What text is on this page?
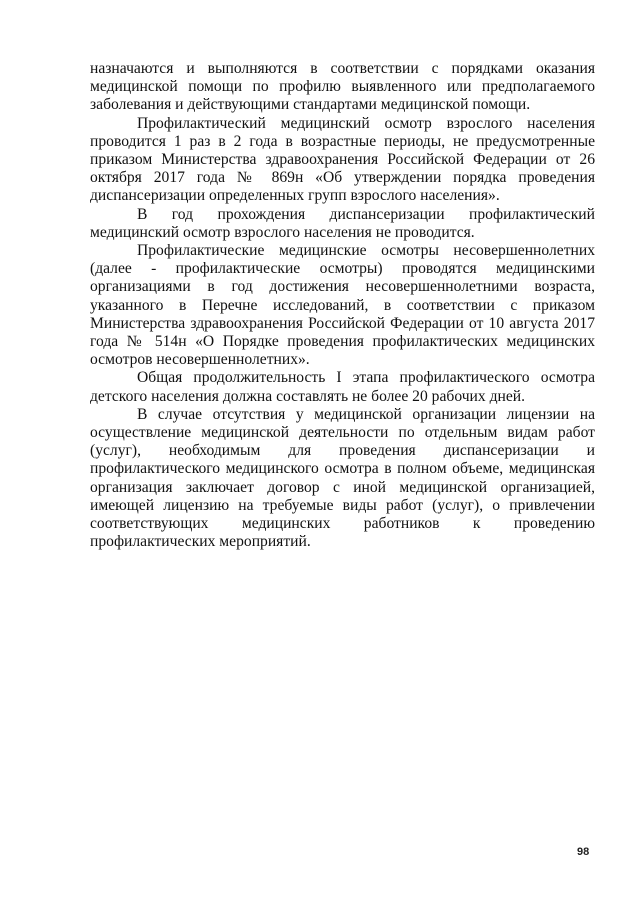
назначаются и выполняются в соответствии с порядками оказания медицинской помощи по профилю выявленного или предполагаемого заболевания и действующими стандартами медицинской помощи.

Профилактический медицинский осмотр взрослого населения проводится 1 раз в 2 года в возрастные периоды, не предусмотренные приказом Министерства здравоохранения Российской Федерации от 26 октября 2017 года № 869н «Об утверждении порядка проведения диспансеризации определенных групп взрослого населения».

В год прохождения диспансеризации профилактический медицинский осмотр взрослого населения не проводится.

Профилактические медицинские осмотры несовершеннолетних (далее - профилактические осмотры) проводятся медицинскими организациями в год достижения несовершеннолетними возраста, указанного в Перечне исследований, в соответствии с приказом Министерства здравоохранения Российской Федерации от 10 августа 2017 года № 514н «О Порядке проведения профилактических медицинских осмотров несовершеннолетних».

Общая продолжительность I этапа профилактического осмотра детского населения должна составлять не более 20 рабочих дней.

В случае отсутствия у медицинской организации лицензии на осуществление медицинской деятельности по отдельным видам работ (услуг), необходимым для проведения диспансеризации и профилактического медицинского осмотра в полном объеме, медицинская организация заключает договор с иной медицинской организацией, имеющей лицензию на требуемые виды работ (услуг), о привлечении соответствующих медицинских работников к проведению профилактических мероприятий.

98
